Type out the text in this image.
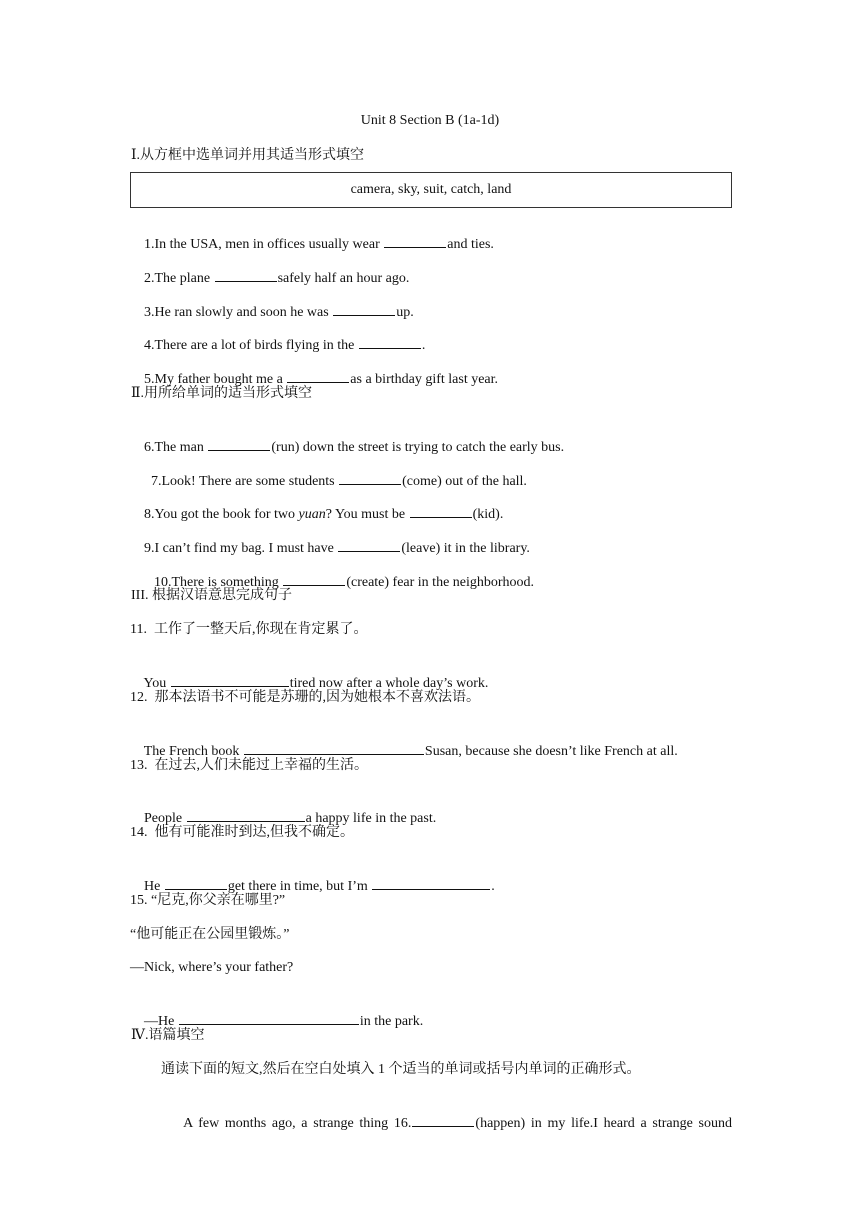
Unit 8 Section B (1a-1d)
Ⅰ.从方框中选单词并用其适当形式填空
camera, sky, suit, catch, land

1.In the USA, men in offices usually wear	and ties.

2.The plane	safely half an hour ago.

3.He ran slowly and soon he was	up.

4.There are a lot of birds flying in the	.

5.My father bought me a	as a birthday gift last year.

Ⅱ.用所给单词的适当形式填空

6.The man	(run) down the street is trying to catch the early bus.

7.Look! There are some students	(come) out of the hall.

8.You got the book for two yuan? You must be	(kid).

9.I can’t find my bag. I must have	(leave) it in the library.

10.There is something	(create) fear in the neighborhood.

III. 根据汉语意思完成句子
11.  工作了一整天后,你现在肯定累了。

You	tired now after a whole day’s work.

12.  那本法语书不可能是苏珊的,因为她根本不喜欢法语。

The French book	Susan, because she doesn’t like French at all.

13.  在过去,人们未能过上幸福的生活。

People	a happy life in the past.

14.  他有可能准时到达,但我不确定。

He	get there in time, but I’m	.

15. “尼克,你父亲在哪里?”
“他可能正在公园里锻炼。”
—Nick, where’s your father?

—He	in the park.

Ⅳ.语篇填空
通读下面的短文,然后在空白处填入 1 个适当的单词或括号内单词的正确形式。

A few months ago, a strange thing 16.	(happen) in my life.I heard a strange sound
